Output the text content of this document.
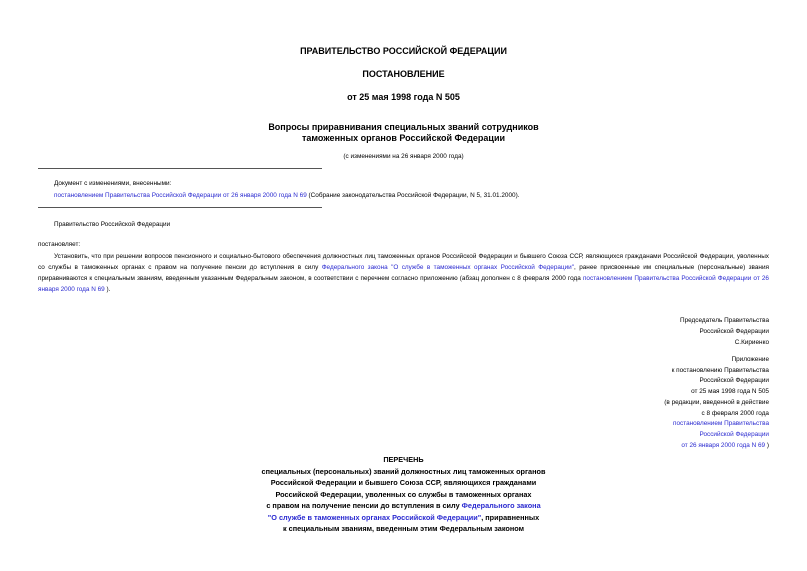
ПРАВИТЕЛЬСТВО РОССИЙСКОЙ ФЕДЕРАЦИИ
ПОСТАНОВЛЕНИЕ
от 25 мая 1998 года N 505
Вопросы приравнивания специальных званий сотрудников
таможенных органов Российской Федерации
(с изменениями на 26 января 2000 года)
Документ с изменениями, внесенными:
постановлением Правительства Российской Федерации от 26 января 2000 года N 69 (Собрание законодательства Российской Федерации, N 5, 31.01.2000).
Правительство Российской Федерации
постановляет:
Установить, что при решении вопросов пенсионного и социально-бытового обеспечения должностных лиц таможенных органов Российской Федерации и бывшего Союза ССР, являющихся гражданами Российской Федерации, уволенных со службы в таможенных органах с правом на получение пенсии до вступления в силу Федерального закона "О службе в таможенных органах Российской Федерации", ранее присвоенные им специальные (персональные) звания приравниваются к специальным званиям, введенным указанным Федеральным законом, в соответствии с перечнем согласно приложению (абзац дополнен с 8 февраля 2000 года постановлением Правительства Российской Федерации от 26 января 2000 года N 69 ).
Председатель Правительства
Российской Федерации
С.Кириенко
Приложение
к постановлению Правительства
Российской Федерации
от 25 мая 1998 года N 505
(в редакции, введенной в действие
с 8 февраля 2000 года
постановлением Правительства
Российской Федерации
от 26 января 2000 года N 69 )
ПЕРЕЧЕНЬ
специальных (персональных) званий должностных лиц таможенных органов
Российской Федерации и бывшего Союза ССР, являющихся гражданами
Российской Федерации, уволенных со службы в таможенных органах
с правом на получение пенсии до вступления в силу Федерального закона
"О службе в таможенных органах Российской Федерации", приравненных
к специальным званиям, введенным этим Федеральным законом
